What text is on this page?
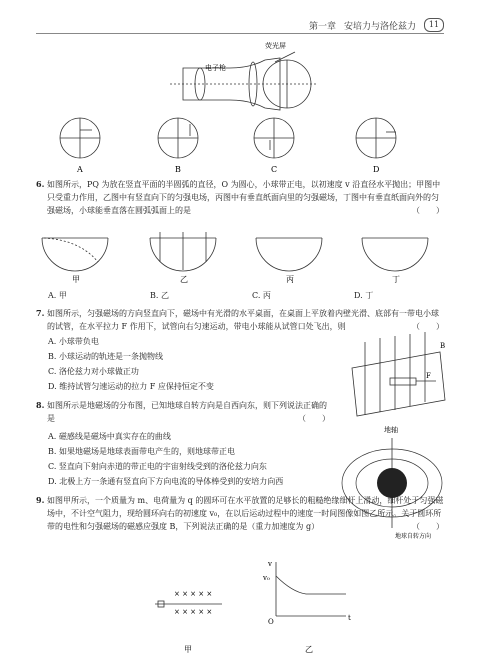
第一章 安培力与洛伦兹力	11
荧光屏
电子枪
A	B	C	D
甲	乙	丙	丁
B
F
地轴
地球自转方向
× × × × ×
× × × × ×
甲
v
v₀
O	t
乙
6. 如图所示，PQ 为放在竖直平面的半圆弧的直径，O 为圆心，小球带正电，以初速度 v 沿直径水平抛出；甲图中只受重力作用，乙图中有竖直向下的匀强电场，丙图中有垂直纸面向里的匀强磁场，丁图中有垂直纸面向外的匀强磁场，小球能垂直落在圆弧弧面上的是	（　　）
A. 甲	B. 乙	C. 丙	D. 丁
7. 如图所示，匀强磁场的方向竖直向下，磁场中有光滑的水平桌面，在桌面上平放着内壁光滑、底部有一带电小球的试管，在水平拉力 F 作用下，试管向右匀速运动，带电小球能从试管口处飞出，则	（　　）
A. 小球带负电
B. 小球运动的轨迹是一条抛物线
C. 洛伦兹力对小球做正功
D. 维持试管匀速运动的拉力 F 应保持恒定不变
8. 如图所示是地磁场的分布图，已知地球自转方向是自西向东，则下列说法正确的是	（　　）
A. 磁感线是磁场中真实存在的曲线
B. 如果地磁场是地球表面带电产生的，则地球带正电
C. 竖直向下射向赤道的带正电的宇宙射线受到的洛伦兹力向东
D. 北极上方一条通有竖直向下方向电流的导体棒受到的安培力向西
9. 如图甲所示，一个质量为 m、电荷量为 q 的圆环可在水平放置的足够长的粗糙绝缘细杆上滑动，细杆处于匀强磁场中，不计空气阻力，现给圆环向右的初速度 v₀，在以后运动过程中的速度一时间图像如图乙所示。关于圆环所带的电性和匀强磁场的磁感应强度 B，下列说法正确的是（重力加速度为 g）	（　　）
